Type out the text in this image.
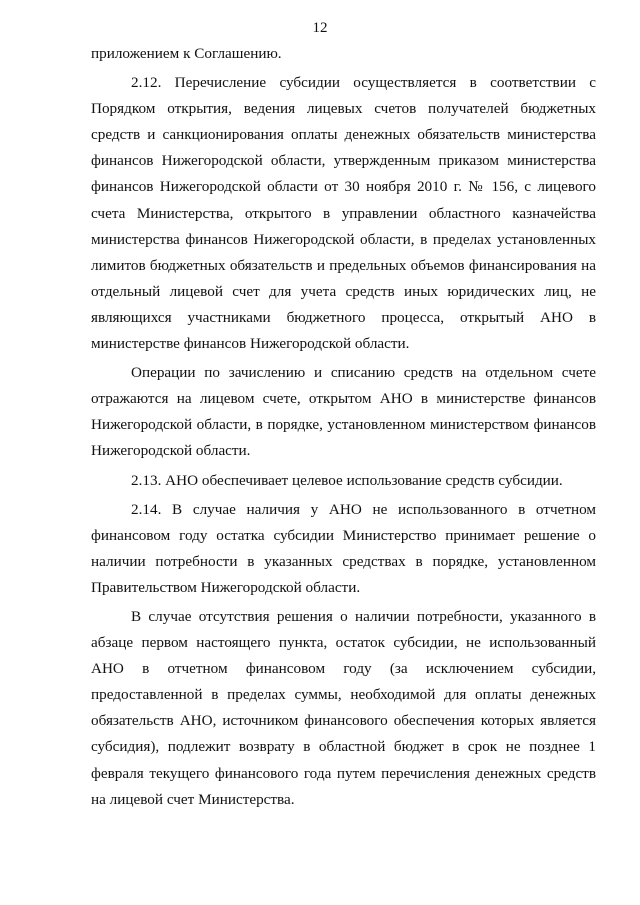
12

приложением к Соглашению.

2.12. Перечисление субсидии осуществляется в соответствии с Порядком открытия, ведения лицевых счетов получателей бюджетных средств и санкционирования оплаты денежных обязательств министерства финансов Нижегородской области, утвержденным приказом министерства финансов Нижегородской области от 30 ноября 2010 г. № 156, с лицевого счета Министерства, открытого в управлении областного казначейства министерства финансов Нижегородской области, в пределах установленных лимитов бюджетных обязательств и предельных объемов финансирования на отдельный лицевой счет для учета средств иных юридических лиц, не являющихся участниками бюджетного процесса, открытый АНО в министерстве финансов Нижегородской области.

Операции по зачислению и списанию средств на отдельном счете отражаются на лицевом счете, открытом АНО в министерстве финансов Нижегородской области, в порядке, установленном министерством финансов Нижегородской области.

2.13. АНО обеспечивает целевое использование средств субсидии.

2.14. В случае наличия у АНО не использованного в отчетном финансовом году остатка субсидии Министерство принимает решение о наличии потребности в указанных средствах в порядке, установленном Правительством Нижегородской области.

В случае отсутствия решения о наличии потребности, указанного в абзаце первом настоящего пункта, остаток субсидии, не использованный АНО в отчетном финансовом году (за исключением субсидии, предоставленной в пределах суммы, необходимой для оплаты денежных обязательств АНО, источником финансового обеспечения которых является субсидия), подлежит возврату в областной бюджет в срок не позднее 1 февраля текущего финансового года путем перечисления денежных средств на лицевой счет Министерства.
